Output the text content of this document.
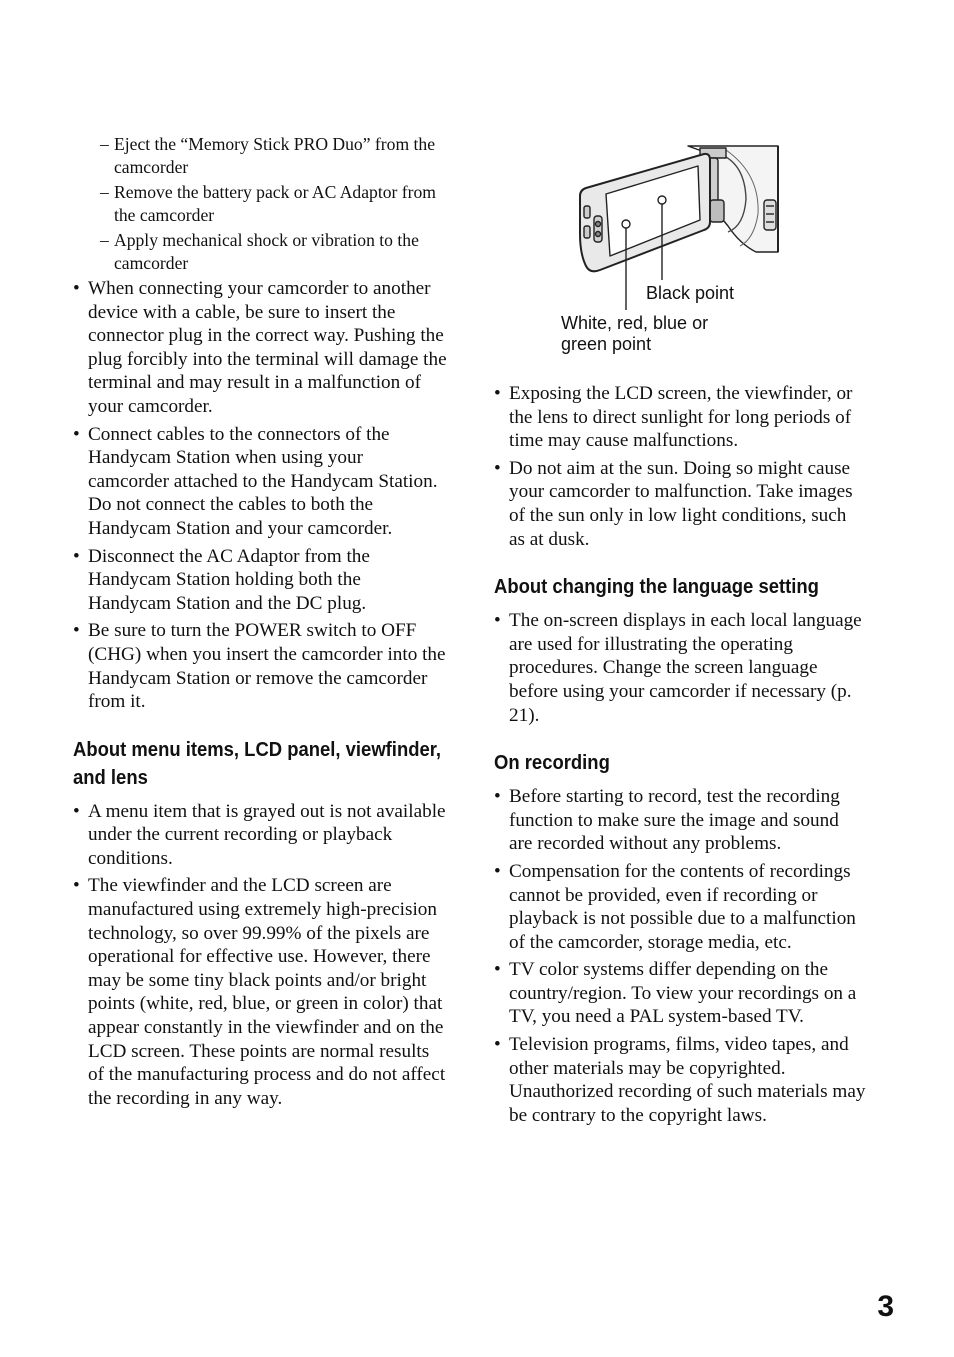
– Eject the “Memory Stick PRO Duo” from the camcorder
– Remove the battery pack or AC Adaptor from the camcorder
– Apply mechanical shock or vibration to the camcorder
• When connecting your camcorder to another device with a cable, be sure to insert the connector plug in the correct way. Pushing the plug forcibly into the terminal will damage the terminal and may result in a malfunction of your camcorder.
• Connect cables to the connectors of the Handycam Station when using your camcorder attached to the Handycam Station. Do not connect the cables to both the Handycam Station and your camcorder.
• Disconnect the AC Adaptor from the Handycam Station holding both the Handycam Station and the DC plug.
• Be sure to turn the POWER switch to OFF (CHG) when you insert the camcorder into the Handycam Station or remove the camcorder from it.
About menu items, LCD panel, viewfinder, and lens
• A menu item that is grayed out is not available under the current recording or playback conditions.
• The viewfinder and the LCD screen are manufactured using extremely high-precision technology, so over 99.99% of the pixels are operational for effective use. However, there may be some tiny black points and/or bright points (white, red, blue, or green in color) that appear constantly in the viewfinder and on the LCD screen. These points are normal results of the manufacturing process and do not affect the recording in any way.
Black point
White, red, blue or green point
• Exposing the LCD screen, the viewfinder, or the lens to direct sunlight for long periods of time may cause malfunctions.
• Do not aim at the sun. Doing so might cause your camcorder to malfunction. Take images of the sun only in low light conditions, such as at dusk.
About changing the language setting
• The on-screen displays in each local language are used for illustrating the operating procedures. Change the screen language before using your camcorder if necessary (p. 21).
On recording
• Before starting to record, test the recording function to make sure the image and sound are recorded without any problems.
• Compensation for the contents of recordings cannot be provided, even if recording or playback is not possible due to a malfunction of the camcorder, storage media, etc.
• TV color systems differ depending on the country/region. To view your recordings on a TV, you need a PAL system-based TV.
• Television programs, films, video tapes, and other materials may be copyrighted. Unauthorized recording of such materials may be contrary to the copyright laws.
3
